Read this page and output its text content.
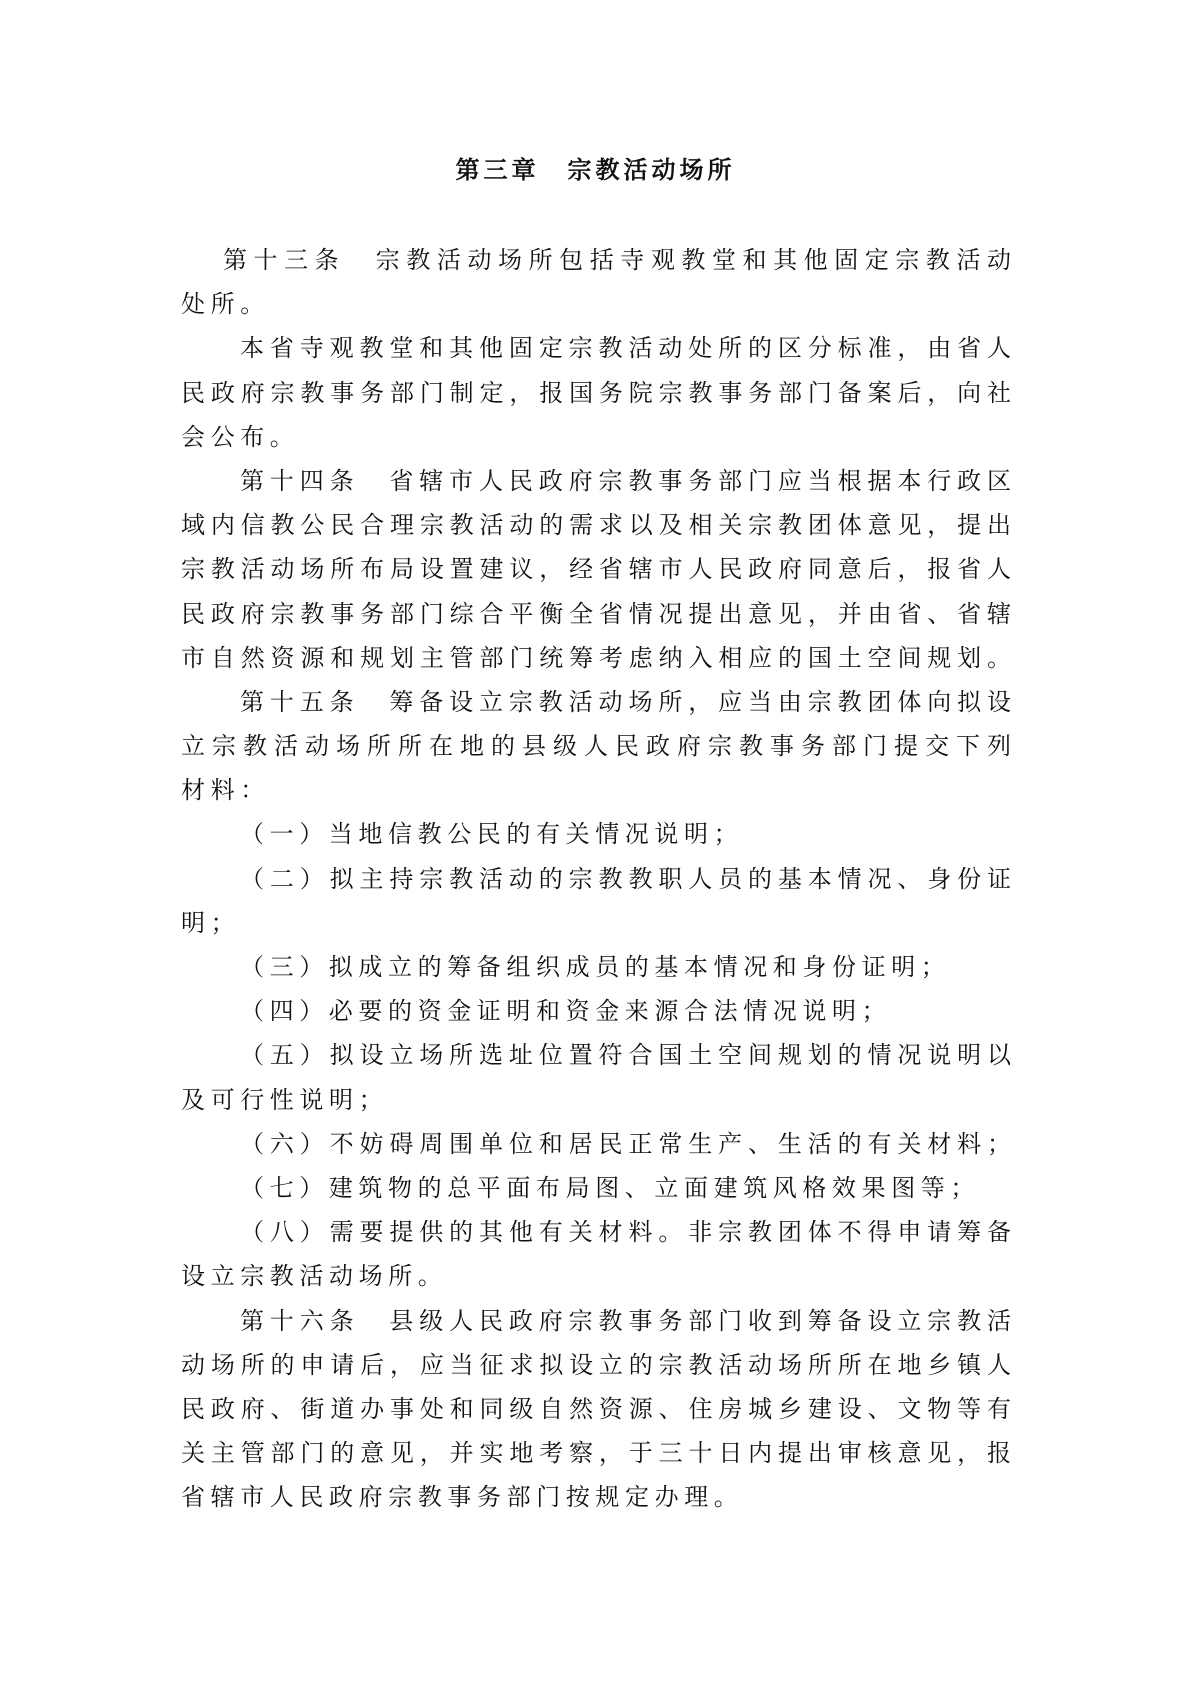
第三章　宗教活动场所
第十三条　宗教活动场所包括寺观教堂和其他固定宗教活动
处所。
本省寺观教堂和其他固定宗教活动处所的区分标准，由省人
民政府宗教事务部门制定，报国务院宗教事务部门备案后，向社
会公布。
第十四条　省辖市人民政府宗教事务部门应当根据本行政区
域内信教公民合理宗教活动的需求以及相关宗教团体意见，提出
宗教活动场所布局设置建议，经省辖市人民政府同意后，报省人
民政府宗教事务部门综合平衡全省情况提出意见，并由省、省辖
市自然资源和规划主管部门统筹考虑纳入相应的国土空间规划。
第十五条　筹备设立宗教活动场所，应当由宗教团体向拟设
立宗教活动场所所在地的县级人民政府宗教事务部门提交下列
材料：
（一）当地信教公民的有关情况说明；
（二）拟主持宗教活动的宗教教职人员的基本情况、身份证
明；
（三）拟成立的筹备组织成员的基本情况和身份证明；
（四）必要的资金证明和资金来源合法情况说明；
（五）拟设立场所选址位置符合国土空间规划的情况说明以
及可行性说明；
（六）不妨碍周围单位和居民正常生产、生活的有关材料；
（七）建筑物的总平面布局图、立面建筑风格效果图等；
（八）需要提供的其他有关材料。非宗教团体不得申请筹备
设立宗教活动场所。
第十六条　县级人民政府宗教事务部门收到筹备设立宗教活
动场所的申请后，应当征求拟设立的宗教活动场所所在地乡镇人
民政府、街道办事处和同级自然资源、住房城乡建设、文物等有
关主管部门的意见，并实地考察，于三十日内提出审核意见，报
省辖市人民政府宗教事务部门按规定办理。
